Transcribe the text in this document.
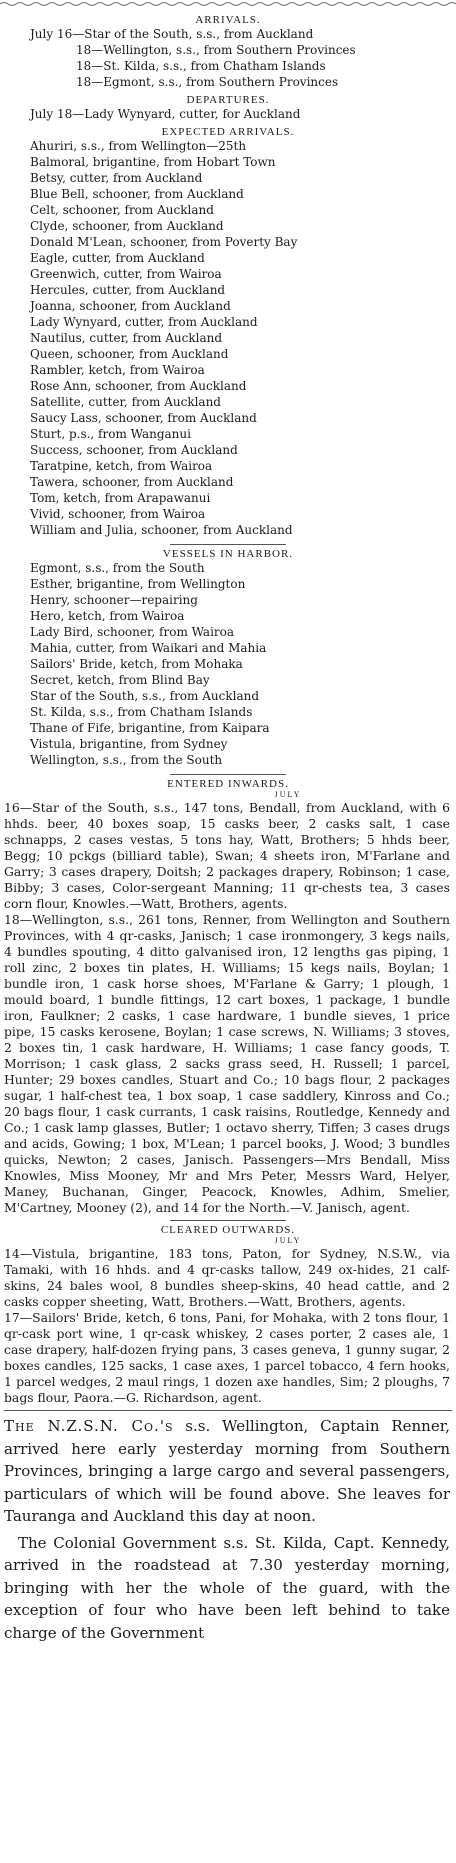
ARRIVALS.
July 16—Star of the South, s.s., from Auckland
18—Wellington, s.s., from Southern Provinces
18—St. Kilda, s.s., from Chatham Islands
18—Egmont, s.s., from Southern Provinces
DEPARTURES.
July 18—Lady Wynyard, cutter, for Auckland
EXPECTED ARRIVALS.
Ahuriri, s.s., from Wellington—25th
Balmoral, brigantine, from Hobart Town
Betsy, cutter, from Auckland
Blue Bell, schooner, from Auckland
Celt, schooner, from Auckland
Clyde, schooner, from Auckland
Donald M'Lean, schooner, from Poverty Bay
Eagle, cutter, from Auckland
Greenwich, cutter, from Wairoa
Hercules, cutter, from Auckland
Joanna, schooner, from Auckland
Lady Wynyard, cutter, from Auckland
Nautilus, cutter, from Auckland
Queen, schooner, from Auckland
Rambler, ketch, from Wairoa
Rose Ann, schooner, from Auckland
Satellite, cutter, from Auckland
Saucy Lass, schooner, from Auckland
Sturt, p.s., from Wanganui
Success, schooner, from Auckland
Taratpine, ketch, from Wairoa
Tawera, schooner, from Auckland
Tom, ketch, from Arapawanui
Vivid, schooner, from Wairoa
William and Julia, schooner, from Auckland
VESSELS IN HARBOR.
Egmont, s.s., from the South
Esther, brigantine, from Wellington
Henry, schooner—repairing
Hero, ketch, from Wairoa
Lady Bird, schooner, from Wairoa
Mahia, cutter, from Waikari and Mahia
Sailors' Bride, ketch, from Mohaka
Secret, ketch, from Blind Bay
Star of the South, s.s., from Auckland
St. Kilda, s.s., from Chatham Islands
Thane of Fife, brigantine, from Kaipara
Vistula, brigantine, from Sydney
Wellington, s.s., from the South
ENTERED INWARDS.
JULY

16—Star of the South, s.s., 147 tons, Bendall, from Auckland, with 6 hhds. beer, 40 boxes soap, 15 casks beer, 2 casks salt, 1 case schnapps, 2 cases vestas, 5 tons hay, Watt, Brothers; 5 hhds beer, Begg; 10 pckgs (billiard table), Swan; 4 sheets iron, M'Farlane and Garry; 3 cases drapery, Doitsh; 2 packages drapery, Robinson; 1 case, Bibby; 3 cases, Color-sergeant Manning; 11 qr-chests tea, 3 cases corn flour, Knowles.—Watt, Brothers, agents.

18—Wellington, s.s., 261 tons, Renner, from Wellington and Southern Provinces, with 4 qr-casks, Janisch; 1 case ironmongery, 3 kegs nails, 4 bundles spouting, 4 ditto galvanised iron, 12 lengths gas piping, 1 roll zinc, 2 boxes tin plates, H. Williams; 15 kegs nails, Boylan; 1 bundle iron, 1 cask horse shoes, M'Farlane & Garry; 1 plough, 1 mould board, 1 bundle fittings, 12 cart boxes, 1 package, 1 bundle iron, Faulkner; 2 casks, 1 case hardware, 1 bundle sieves, 1 price pipe, 15 casks kerosene, Boylan; 1 case screws, N. Williams; 3 stoves, 2 boxes tin, 1 cask hardware, H. Williams; 1 case fancy goods, T. Morrison; 1 cask glass, 2 sacks grass seed, H. Russell; 1 parcel, Hunter; 29 boxes candles, Stuart and Co.; 10 bags flour, 2 packages sugar, 1 half-chest tea, 1 box soap, 1 case saddlery, Kinross and Co.; 20 bags flour, 1 cask currants, 1 cask raisins, Routledge, Kennedy and Co.; 1 cask lamp glasses, Butler; 1 octavo sherry, Tiffen; 3 cases drugs and acids, Gowing; 1 box, M'Lean; 1 parcel books, J. Wood; 3 bundles quicks, Newton; 2 cases, Janisch. Passengers—Mrs Bendall, Miss Knowles, Miss Mooney, Mr and Mrs Peter, Messrs Ward, Helyer, Maney, Buchanan, Ginger, Peacock, Knowles, Adhim, Smelier, M'Cartney, Mooney (2), and 14 for the North.—V. Janisch, agent.

CLEARED OUTWARDS.
JULY

14—Vistula, brigantine, 183 tons, Paton, for Sydney, N.S.W., via Tamaki, with 16 hhds. and 4 qr-casks tallow, 249 ox-hides, 21 calf-skins, 24 bales wool, 8 bundles sheep-skins, 40 head cattle, and 2 casks copper sheeting, Watt, Brothers.—Watt, Brothers, agents.

17—Sailors' Bride, ketch, 6 tons, Pani, for Mohaka, with 2 tons flour, 1 qr-cask port wine, 1 qr-cask whiskey, 2 cases porter, 2 cases ale, 1 case drapery, half-dozen frying pans, 3 cases geneva, 1 gunny sugar, 2 boxes candles, 125 sacks, 1 case axes, 1 parcel tobacco, 4 fern hooks, 1 parcel wedges, 2 maul rings, 1 dozen axe handles, Sim; 2 ploughs, 7 bags flour, Paora.—G. Richardson, agent.

The N.Z.S.N. Co.'s s.s. Wellington, Captain Renner, arrived here early yesterday morning from Southern Provinces, bringing a large cargo and several passengers, particulars of which will be found above. She leaves for Tauranga and Auckland this day at noon.

The Colonial Government s.s. St. Kilda, Capt. Kennedy, arrived in the roadstead at 7.30 yesterday morning, bringing with her the whole of the guard, with the exception of four who have been left behind to take charge of the Government
